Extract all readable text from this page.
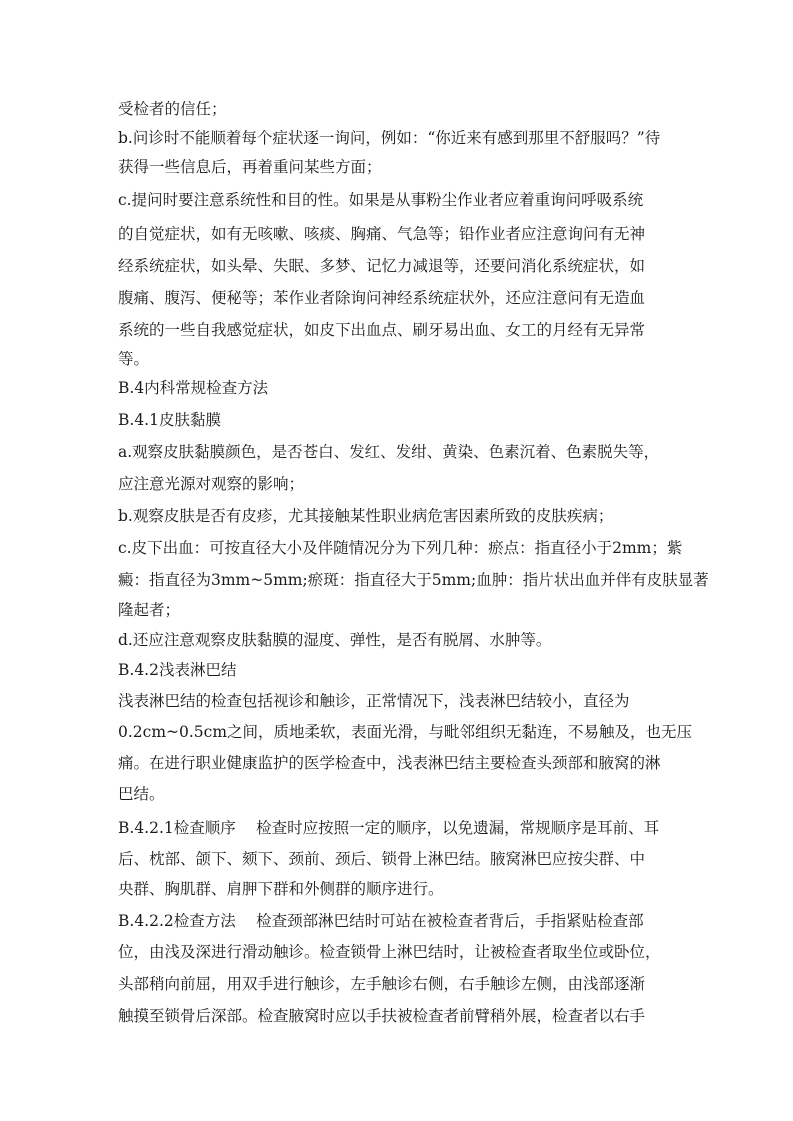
受检者的信任；
b.问诊时不能顺着每个症状逐一询问，例如：“你近来有感到那里不舒服吗？”待
获得一些信息后，再着重问某些方面；
c.提问时要注意系统性和目的性。如果是从事粉尘作业者应着重询问呼吸系统
的自觉症状，如有无咳嗽、咳痰、胸痛、气急等；铅作业者应注意询问有无神
经系统症状，如头晕、失眠、多梦、记忆力减退等，还要问消化系统症状，如
腹痛、腹泻、便秘等；苯作业者除询问神经系统症状外，还应注意问有无造血
系统的一些自我感觉症状，如皮下出血点、刷牙易出血、女工的月经有无异常
等。
B.4内科常规检查方法
B.4.1皮肤黏膜
a.观察皮肤黏膜颜色，是否苍白、发红、发绀、黄染、色素沉着、色素脱失等，
应注意光源对观察的影响；
b.观察皮肤是否有皮疹，尤其接触某性职业病危害因素所致的皮肤疾病；
c.皮下出血：可按直径大小及伴随情况分为下列几种：瘀点：指直径小于2mm；紫
癜：指直径为3mm~5mm;瘀斑：指直径大于5mm;血肿：指片状出血并伴有皮肤显著
隆起者；
d.还应注意观察皮肤黏膜的湿度、弹性，是否有脱屑、水肿等。
B.4.2浅表淋巴结
浅表淋巴结的检查包括视诊和触诊，正常情况下，浅表淋巴结较小，直径为
0.2cm~0.5cm之间，质地柔软，表面光滑，与毗邻组织无黏连，不易触及，也无压
痛。在进行职业健康监护的医学检查中，浅表淋巴结主要检查头颈部和腋窝的淋
巴结。
B.4.2.1检查顺序　 检查时应按照一定的顺序，以免遗漏，常规顺序是耳前、耳
后、枕部、颌下、颏下、颈前、颈后、锁骨上淋巴结。腋窝淋巴应按尖群、中
央群、胸肌群、肩胛下群和外侧群的顺序进行。
B.4.2.2检查方法　 检查颈部淋巴结时可站在被检查者背后，手指紧贴检查部
位，由浅及深进行滑动触诊。检查锁骨上淋巴结时，让被检查者取坐位或卧位，
头部稍向前屈，用双手进行触诊，左手触诊右侧，右手触诊左侧，由浅部逐渐
触摸至锁骨后深部。检查腋窝时应以手扶被检查者前臂稍外展，检查者以右手
